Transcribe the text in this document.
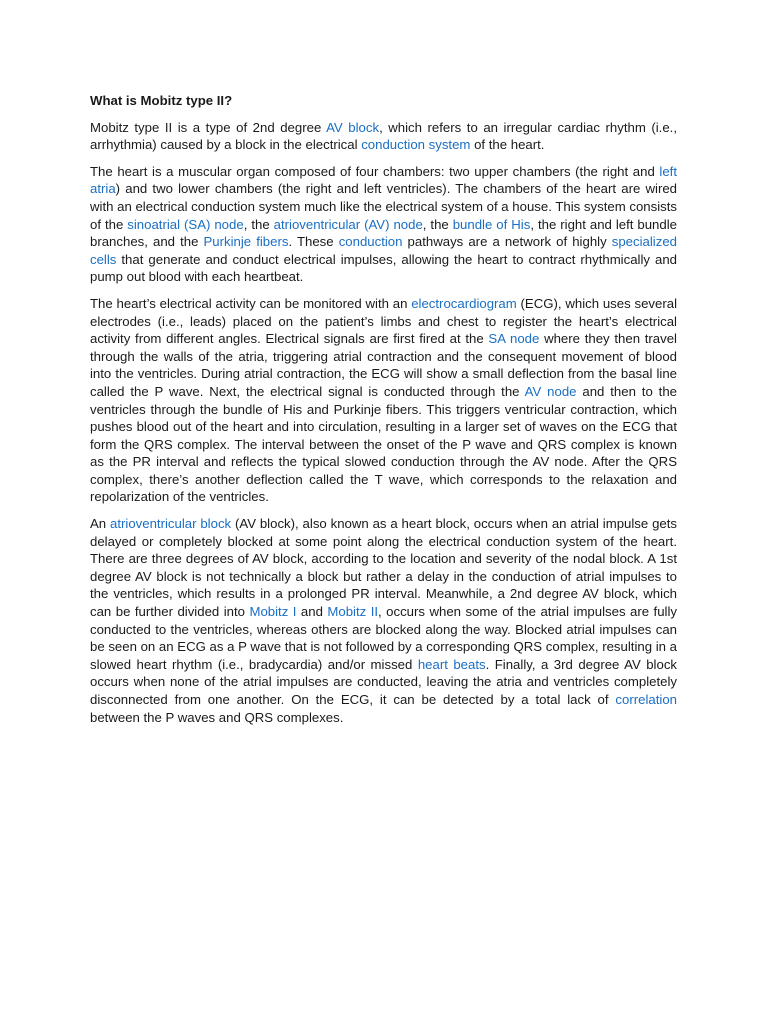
What is Mobitz type II?

Mobitz type II is a type of 2nd degree AV block, which refers to an irregular cardiac rhythm (i.e., arrhythmia) caused by a block in the electrical conduction system of the heart.

The heart is a muscular organ composed of four chambers: two upper chambers (the right and left atria) and two lower chambers (the right and left ventricles). The chambers of the heart are wired with an electrical conduction system much like the electrical system of a house. This system consists of the sinoatrial (SA) node, the atrioventricular (AV) node, the bundle of His, the right and left bundle branches, and the Purkinje fibers. These conduction pathways are a network of highly specialized cells that generate and conduct electrical impulses, allowing the heart to contract rhythmically and pump out blood with each heartbeat.

The heart’s electrical activity can be monitored with an electrocardiogram (ECG), which uses several electrodes (i.e., leads) placed on the patient’s limbs and chest to register the heart’s electrical activity from different angles. Electrical signals are first fired at the SA node where they then travel through the walls of the atria, triggering atrial contraction and the consequent movement of blood into the ventricles. During atrial contraction, the ECG will show a small deflection from the basal line called the P wave. Next, the electrical signal is conducted through the AV node and then to the ventricles through the bundle of His and Purkinje fibers. This triggers ventricular contraction, which pushes blood out of the heart and into circulation, resulting in a larger set of waves on the ECG that form the QRS complex. The interval between the onset of the P wave and QRS complex is known as the PR interval and reflects the typical slowed conduction through the AV node. After the QRS complex, there’s another deflection called the T wave, which corresponds to the relaxation and repolarization of the ventricles.

An atrioventricular block (AV block), also known as a heart block, occurs when an atrial impulse gets delayed or completely blocked at some point along the electrical conduction system of the heart. There are three degrees of AV block, according to the location and severity of the nodal block. A 1st degree AV block is not technically a block but rather a delay in the conduction of atrial impulses to the ventricles, which results in a prolonged PR interval. Meanwhile, a 2nd degree AV block, which can be further divided into Mobitz I and Mobitz II, occurs when some of the atrial impulses are fully conducted to the ventricles, whereas others are blocked along the way. Blocked atrial impulses can be seen on an ECG as a P wave that is not followed by a corresponding QRS complex, resulting in a slowed heart rhythm (i.e., bradycardia) and/or missed heart beats. Finally, a 3rd degree AV block occurs when none of the atrial impulses are conducted, leaving the atria and ventricles completely disconnected from one another. On the ECG, it can be detected by a total lack of correlation between the P waves and QRS complexes.
